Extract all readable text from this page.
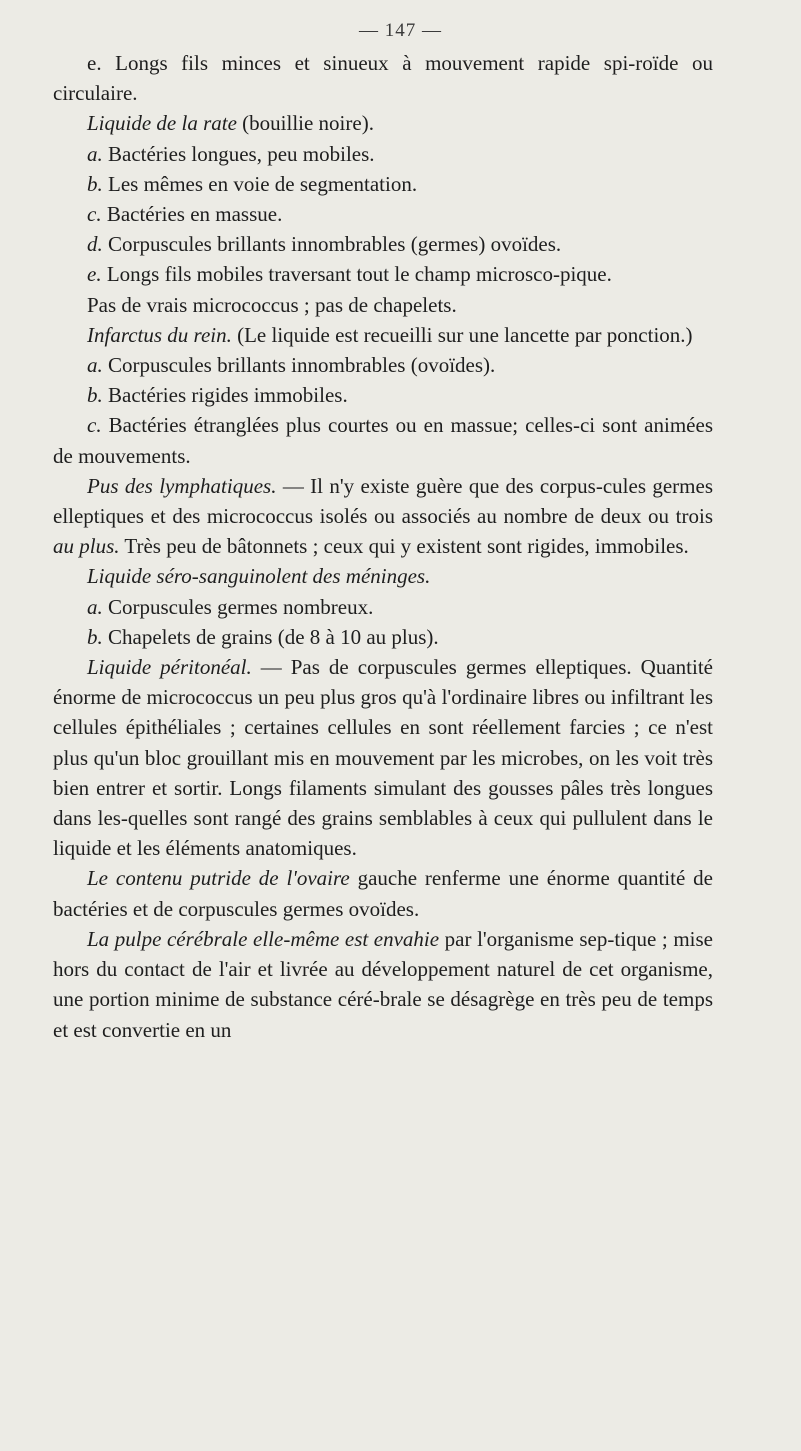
— 147 —

e. Longs fils minces et sinueux à mouvement rapide spi-roïde ou circulaire.

Liquide de la rate (bouillie noire).

a. Bactéries longues, peu mobiles.

b. Les mêmes en voie de segmentation.

c. Bactéries en massue.

d. Corpuscules brillants innombrables (germes) ovoïdes.

e. Longs fils mobiles traversant tout le champ microsco-pique.

Pas de vrais micrococcus ; pas de chapelets.

Infarctus du rein. (Le liquide est recueilli sur une lancette par ponction.)

a. Corpuscules brillants innombrables (ovoïdes).

b. Bactéries rigides immobiles.

c. Bactéries étranglées plus courtes ou en massue; celles-ci sont animées de mouvements.

Pus des lymphatiques. — Il n'y existe guère que des corpus-cules germes elleptiques et des micrococcus isolés ou associés au nombre de deux ou trois au plus. Très peu de bâtonnets ; ceux qui y existent sont rigides, immobiles.

Liquide séro-sanguinolent des méninges.

a. Corpuscules germes nombreux.

b. Chapelets de grains (de 8 à 10 au plus).

Liquide péritonéal. — Pas de corpuscules germes elleptiques. Quantité énorme de micrococcus un peu plus gros qu'à l'ordinaire libres ou infiltrant les cellules épithéliales ; certaines cellules en sont réellement farcies ; ce n'est plus qu'un bloc grouillant mis en mouvement par les microbes, on les voit très bien entrer et sortir. Longs filaments simulant des gousses pâles très longues dans les-quelles sont rangé des grains semblables à ceux qui pullulent dans le liquide et les éléments anatomiques.

Le contenu putride de l'ovaire gauche renferme une énorme quantité de bactéries et de corpuscules germes ovoïdes.

La pulpe cérébrale elle-même est envahie par l'organisme sep-tique ; mise hors du contact de l'air et livrée au développement naturel de cet organisme, une portion minime de substance céré-brale se désagrège en très peu de temps et est convertie en un
